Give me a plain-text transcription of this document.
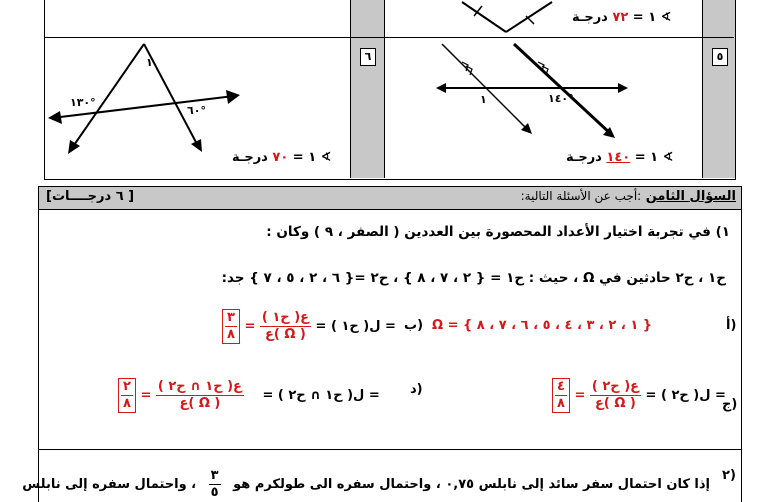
∢ ١ = ٧٢ درجـة
٥
١	١٤٠°
∢ ١ = ١٤٠ درجـة
٦
١
١٣٠°
٦٠°
∢ ١ = ٧٠ درجـة
السؤال الثامن :أجب عن الأسئلة التالية:
[ ٦ درجــــات]
١) في تجربة اختيار الأعداد المحصورة بين العددين ( الصفر ، ٩ ) وكان :
ح١ ، ح٢ حادثين في Ω ، حيث : ح١ = { ٢ ، ٧ ، ٨ } ، ح٢ ={ ٦ ، ٢ ، ٥ ، ٧ } جد:
أ)
Ω = { ١ ، ٢ ، ٣ ، ٤ ، ٥ ، ٦ ، ٧ ، ٨ }
ب)
$\frac{٣}{٨} = \frac{\text{ع( ح١ )}}{\text{ع( Ω )}}$ = ل( ح١ ) =
ج)
$\frac{٤}{٨} = \frac{\text{ع( ح٢ )}}{\text{ع( Ω )}}$ = ل( ح٢ ) =
د)
$\frac{٢}{٨} = \frac{\text{ع( ح١ ∩ ح٢ )}}{\text{ع( Ω )}}$ = ل( ح١ ∩ ح٢ ) =
٢)
إذا كان احتمال سفر سائد إلى نابلس ٠,٧٥ ، واحتمال سفره الى طولكرم هو
$\frac{٣}{٥}$
، واحتمال سفره إلى نابلس
